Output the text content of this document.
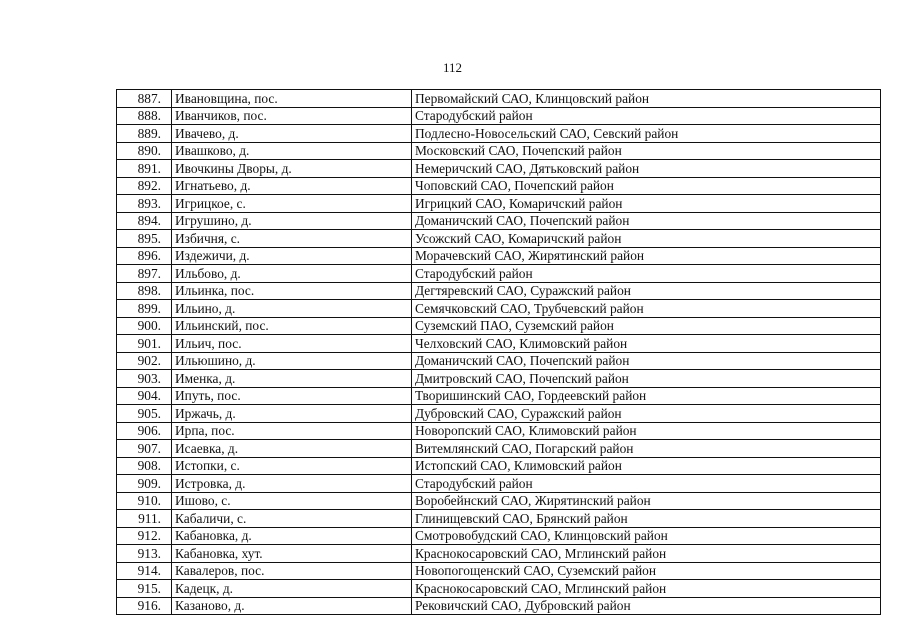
112
887.	Ивановщина, пос.	Первомайский САО, Клинцовский район
888.	Иванчиков, пос.	Стародубский район
889.	Ивачево, д.	Подлесно-Новосельский САО, Севский район
890.	Ивашково, д.	Московский САО, Почепский район
891.	Ивочкины Дворы, д.	Немеричский САО, Дятьковский район
892.	Игнатьево, д.	Чоповский САО, Почепский район
893.	Игрицкое, с.	Игрицкий САО, Комаричский район
894.	Игрушино, д.	Доманичский САО, Почепский район
895.	Избичня, с.	Усожский САО, Комаричский район
896.	Издежичи, д.	Морачевский САО, Жирятинский район
897.	Ильбово, д.	Стародубский район
898.	Ильинка, пос.	Дегтяревский САО, Суражский район
899.	Ильино, д.	Семячковский САО, Трубчевский район
900.	Ильинский, пос.	Суземский ПАО, Суземский район
901.	Ильич, пос.	Челховский САО, Климовский район
902.	Ильюшино, д.	Доманичский САО, Почепский район
903.	Именка, д.	Дмитровский САО, Почепский район
904.	Ипуть, пос.	Творишинский САО, Гордеевский район
905.	Иржачь, д.	Дубровский САО, Суражский район
906.	Ирпа, пос.	Новоропский САО, Климовский район
907.	Исаевка, д.	Витемлянский САО, Погарский район
908.	Истопки, с.	Истопский САО, Климовский район
909.	Истровка, д.	Стародубский район
910.	Ишово, с.	Воробейнский САО, Жирятинский район
911.	Кабаличи, с.	Глинищевский САО, Брянский район
912.	Кабановка, д.	Смотровобудский САО, Клинцовский район
913.	Кабановка, хут.	Краснокосаровский САО, Мглинский район
914.	Кавалеров, пос.	Новопогощенский САО, Суземский район
915.	Кадецк, д.	Краснокосаровский САО, Мглинский район
916.	Казаново, д.	Рековичский САО, Дубровский район
